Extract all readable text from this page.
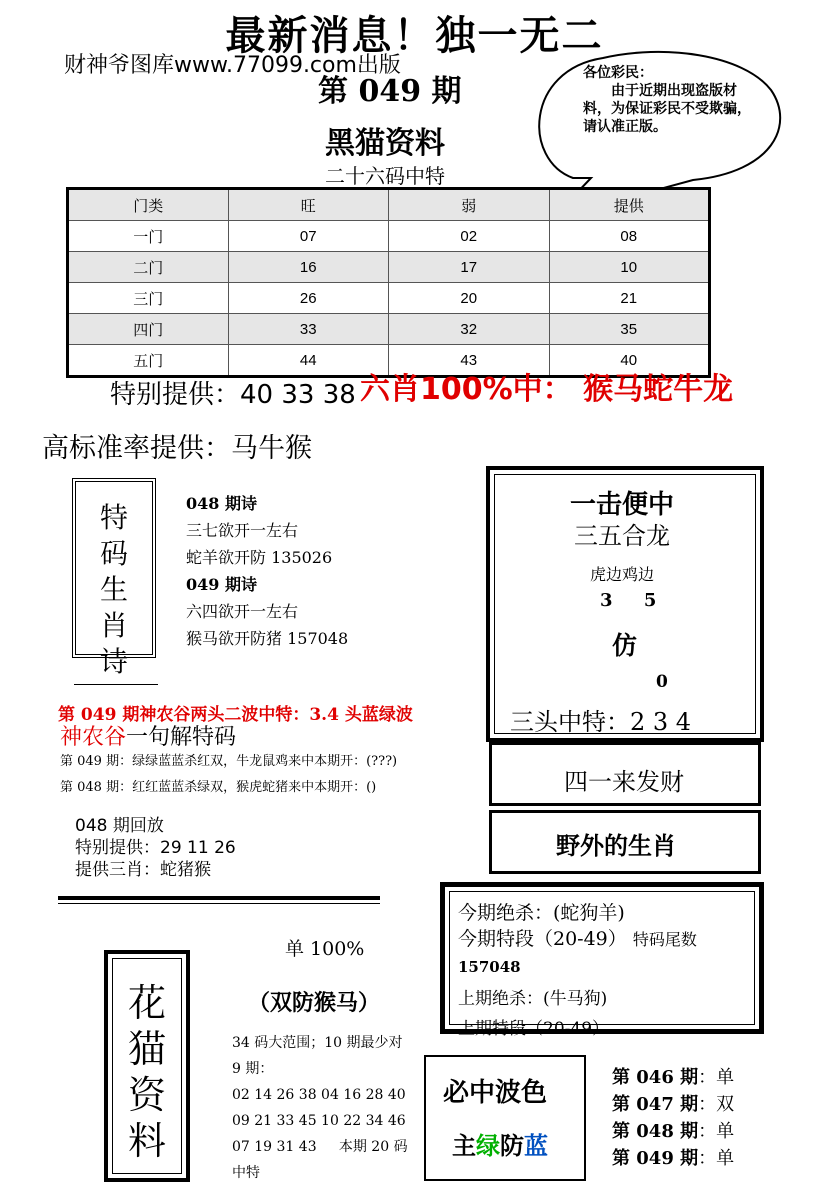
最新消息！独一无二
财神爷图库www.77099.com出版
第 049 期
黑猫资料
二十六码中特
各位彩民：
由于近期出现盗版材料，为保证彩民不受欺骗，请认准正版。
门类	旺	弱	提供
一门	07	02	08
二门	16	17	10
三门	26	20	21
四门	33	32	35
五门	44	43	40
特别提供：40 33 38 六肖100%中： 猴马蛇牛龙
高标准率提供：马牛猴
特
码
生
肖
诗
048 期诗
三七欲开一左右
蛇羊欲开防 135026
049 期诗
六四欲开一左右
猴马欲开防猪 157048
第 049 期神农谷两头二波中特：3.4 头蓝绿波
神农谷一句解特码
第 049 期：绿绿蓝蓝杀红双，牛龙鼠鸡来中本期开：(???)
第 048 期：红红蓝蓝杀绿双，猴虎蛇猪来中本期开：()
048 期回放
特别提供：29 11 26
提供三肖：蛇猪猴
一击便中
三五合龙
虎边鸡边
3     5
仿
0
三头中特：2 3 4
四一来发财
野外的生肖
今期绝杀：(蛇狗羊)
今期特段（20-49） 特码尾数
157048
上期绝杀：(牛马狗)
上期特段（20-49）
单 100%
花
猫
资
料
（双防猴马）
34 码大范围；10 期最少对
9 期：
02 14 26 38 04 16 28 40
09 21 33 45 10 22 34 46
07 19 31 43     本期 20 码
中特
必中波色
主绿防蓝
第 046 期：单
第 047 期：双
第 048 期：单
第 049 期：单
